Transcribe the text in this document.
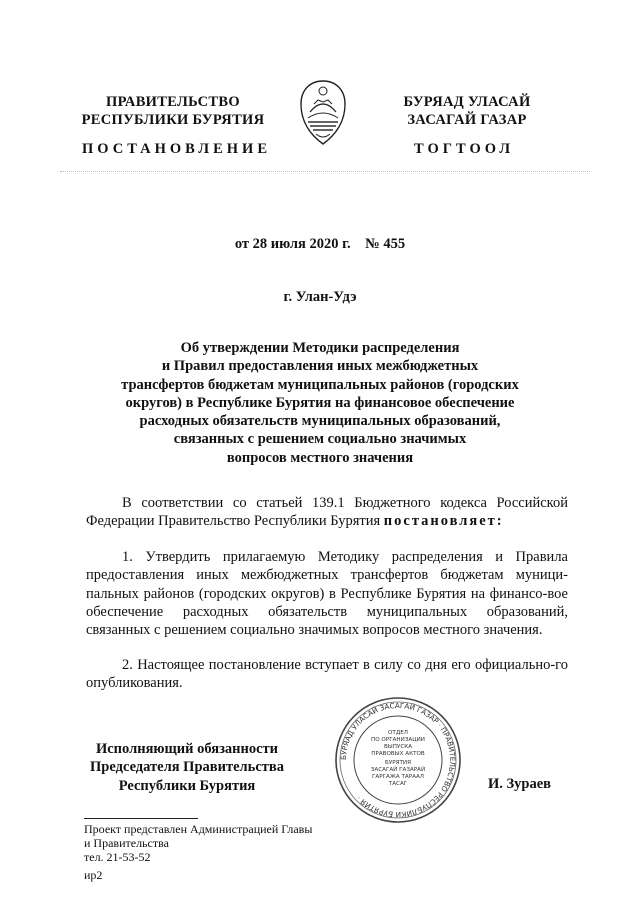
ПРАВИТЕЛЬСТВО
РЕСПУБЛИКИ БУРЯТИЯ
БУРЯАД УЛАСАЙ
ЗАСАГАЙ ГАЗАР
ПОСТАНОВЛЕНИЕ	ТОГТООЛ
от 28 июля 2020 г.    № 455
г. Улан-Удэ
Об утверждении Методики распределения
и Правил предоставления иных межбюджетных
трансфертов бюджетам муниципальных районов (городских
округов) в Республике Бурятия на финансовое обеспечение
расходных обязательств муниципальных образований,
связанных с решением социально значимых
вопросов местного значения
В соответствии со статьей 139.1 Бюджетного кодекса Российской Федерации Правительство Республики Бурятия постановляет:
1. Утвердить прилагаемую Методику распределения и Правила предоставления иных межбюджетных трансфертов бюджетам муници-пальных районов (городских округов) в Республике Бурятия на финансо-вое обеспечение расходных обязательств муниципальных образований, связанных с решением социально значимых вопросов местного значения.
2. Настоящее постановление вступает в силу со дня его официально-го опубликования.
Исполняющий обязанности
Председателя Правительства
Республики Бурятия
БУРЯАД УЛАСАЙ ЗАСАГАЙ ГАЗАР · ПРАВИТЕЛЬСТВО РЕСПУБЛИКИ БУРЯТИЯ ·
ОТДЕЛ
ПО ОРГАНИЗАЦИИ
ВЫПУСКА
ПРАВОВЫХ АКТОВ
БУРЯТИЯ
ЗАСАГАЙ ГАЗАРАЙ
ГАРГАЖА ТАРААЛ
ТАСАГ	И. Зураев
Проект представлен Администрацией Главы
и Правительства
тел. 21-53-52
ир2
